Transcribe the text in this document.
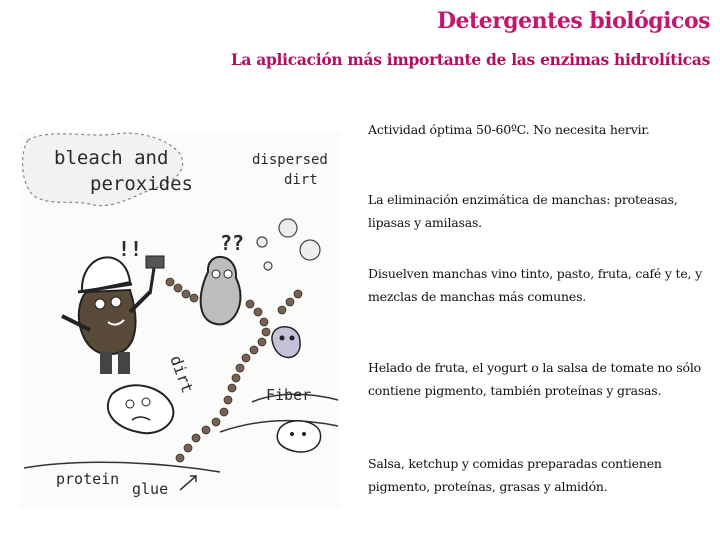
Detergentes biológicos
La aplicación más importante de las enzimas hidrolíticas
bleach and
peroxides
dispersed
dirt
!!	??
dirt	Fiber
protein
glue
Actividad óptima 50-60ºC. No necesita hervir.
La eliminación enzimática de manchas: proteasas, lipasas y amilasas.
Disuelven manchas vino tinto, pasto, fruta, café y te, y mezclas de manchas más comunes.
Helado de fruta, el yogurt o la salsa de tomate no sólo contiene pigmento, también proteínas y grasas.
Salsa, ketchup y comidas preparadas contienen pigmento, proteínas, grasas y almidón.
